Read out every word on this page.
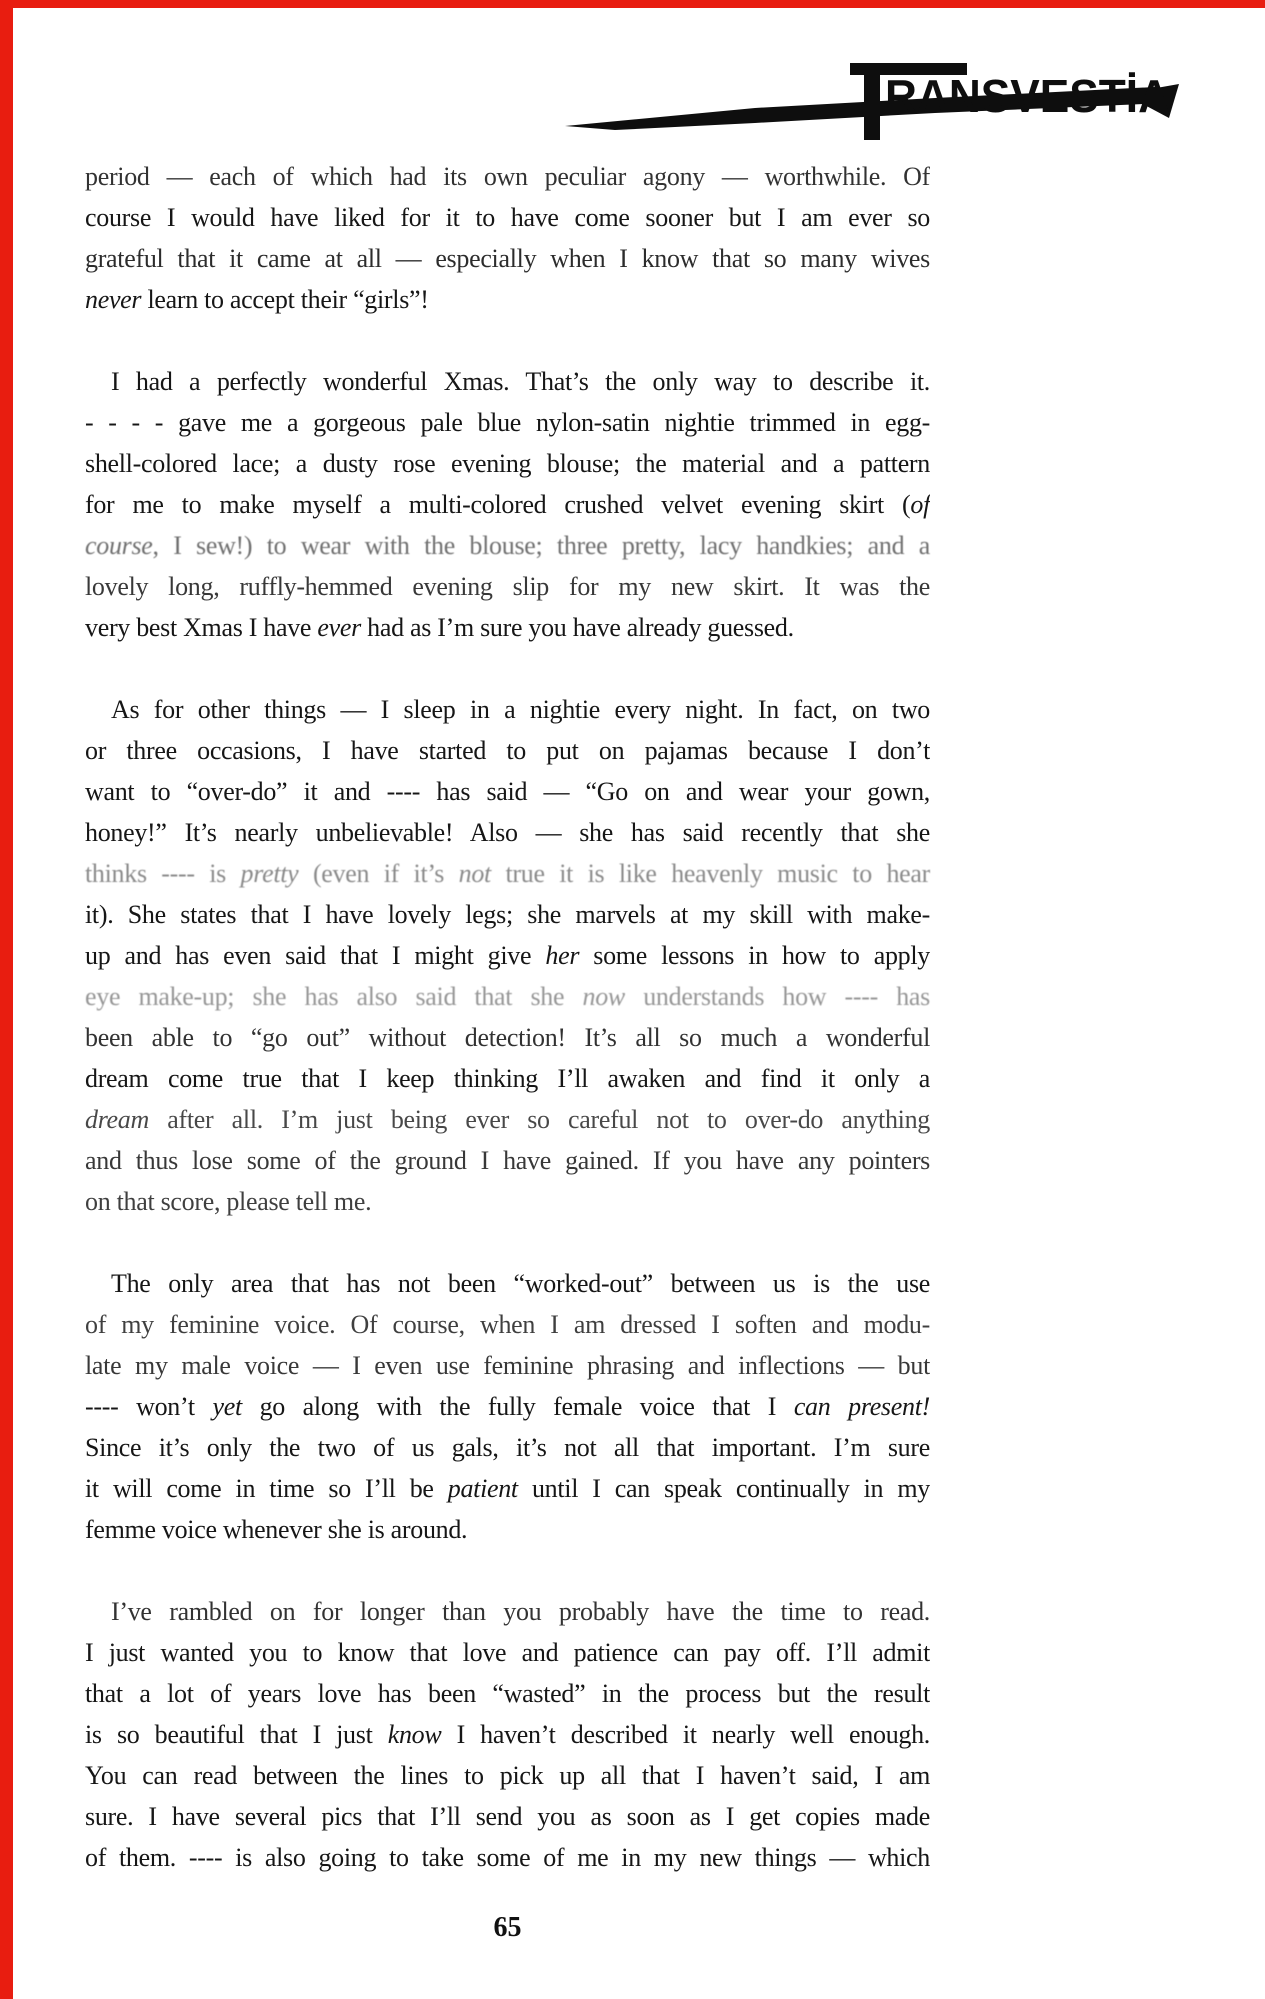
RANSVESTİA
period — each of which had its own peculiar agony — worthwhile. Of
course I would have liked for it to have come sooner but I am ever so
grateful that it came at all — especially when I know that so many wives
never learn to accept their “girls”!
I had a perfectly wonderful Xmas. That’s the only way to describe it.
- - - - gave me a gorgeous pale blue nylon-satin nightie trimmed in egg-
shell-colored lace; a dusty rose evening blouse; the material and a pattern
for me to make myself a multi-colored crushed velvet evening skirt (of
course, I sew!) to wear with the blouse; three pretty, lacy handkies; and a
lovely long, ruffly-hemmed evening slip for my new skirt. It was the
very best Xmas I have ever had as I’m sure you have already guessed.
As for other things — I sleep in a nightie every night. In fact, on two
or three occasions, I have started to put on pajamas because I don’t
want to “over-do” it and ---- has said — “Go on and wear your gown,
honey!” It’s nearly unbelievable! Also — she has said recently that she
thinks ---- is pretty (even if it’s not true it is like heavenly music to hear
it). She states that I have lovely legs; she marvels at my skill with make-
up and has even said that I might give her some lessons in how to apply
eye make-up; she has also said that she now understands how ---- has
been able to “go out” without detection! It’s all so much a wonderful
dream come true that I keep thinking I’ll awaken and find it only a
dream after all. I’m just being ever so careful not to over-do anything
and thus lose some of the ground I have gained. If you have any pointers
on that score, please tell me.
The only area that has not been “worked-out” between us is the use
of my feminine voice. Of course, when I am dressed I soften and modu-
late my male voice — I even use feminine phrasing and inflections — but
---- won’t yet go along with the fully female voice that I can present!
Since it’s only the two of us gals, it’s not all that important. I’m sure
it will come in time so I’ll be patient until I can speak continually in my
femme voice whenever she is around.
I’ve rambled on for longer than you probably have the time to read.
I just wanted you to know that love and patience can pay off. I’ll admit
that a lot of years love has been “wasted” in the process but the result
is so beautiful that I just know I haven’t described it nearly well enough.
You can read between the lines to pick up all that I haven’t said, I am
sure. I have several pics that I’ll send you as soon as I get copies made
of them. ---- is also going to take some of me in my new things — which
65
